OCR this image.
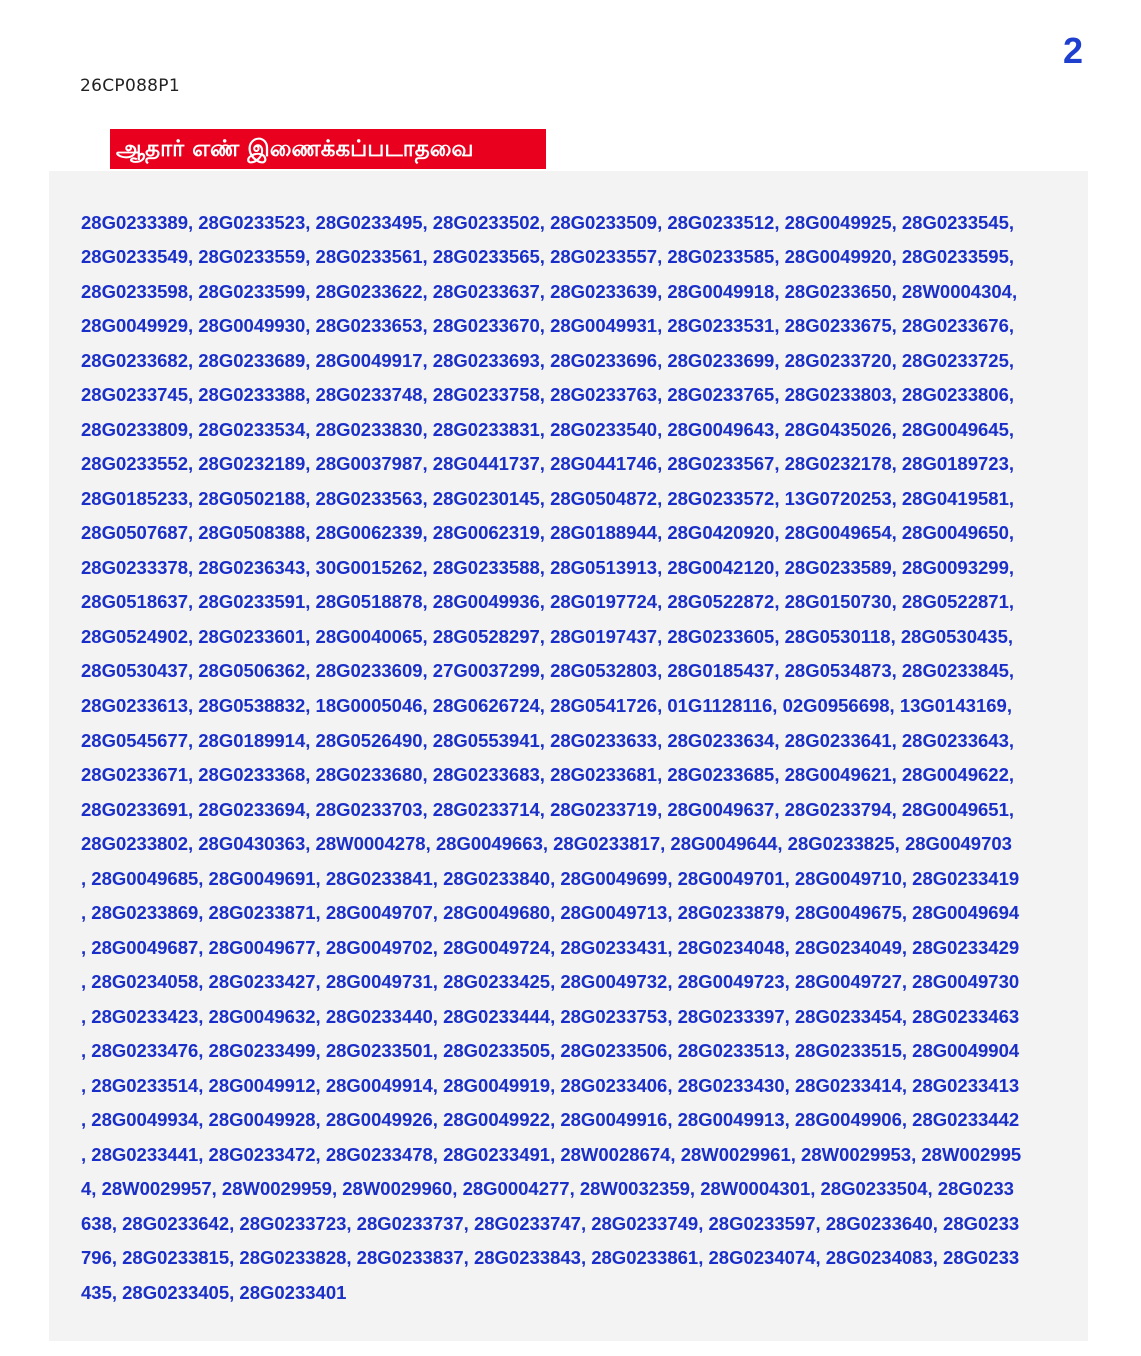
2
26CP088P1
ஆதார் எண் இணைக்கப்படாதவை
28G0233389, 28G0233523, 28G0233495, 28G0233502, 28G0233509, 28G0233512, 28G0049925, 28G0233545,
28G0233549, 28G0233559, 28G0233561, 28G0233565, 28G0233557, 28G0233585, 28G0049920, 28G0233595,
28G0233598, 28G0233599, 28G0233622, 28G0233637, 28G0233639, 28G0049918, 28G0233650, 28W0004304,
28G0049929, 28G0049930, 28G0233653, 28G0233670, 28G0049931, 28G0233531, 28G0233675, 28G0233676,
28G0233682, 28G0233689, 28G0049917, 28G0233693, 28G0233696, 28G0233699, 28G0233720, 28G0233725,
28G0233745, 28G0233388, 28G0233748, 28G0233758, 28G0233763, 28G0233765, 28G0233803, 28G0233806,
28G0233809, 28G0233534, 28G0233830, 28G0233831, 28G0233540, 28G0049643, 28G0435026, 28G0049645,
28G0233552, 28G0232189, 28G0037987, 28G0441737, 28G0441746, 28G0233567, 28G0232178, 28G0189723,
28G0185233, 28G0502188, 28G0233563, 28G0230145, 28G0504872, 28G0233572, 13G0720253, 28G0419581,
28G0507687, 28G0508388, 28G0062339, 28G0062319, 28G0188944, 28G0420920, 28G0049654, 28G0049650,
28G0233378, 28G0236343, 30G0015262, 28G0233588, 28G0513913, 28G0042120, 28G0233589, 28G0093299,
28G0518637, 28G0233591, 28G0518878, 28G0049936, 28G0197724, 28G0522872, 28G0150730, 28G0522871,
28G0524902, 28G0233601, 28G0040065, 28G0528297, 28G0197437, 28G0233605, 28G0530118, 28G0530435,
28G0530437, 28G0506362, 28G0233609, 27G0037299, 28G0532803, 28G0185437, 28G0534873, 28G0233845,
28G0233613, 28G0538832, 18G0005046, 28G0626724, 28G0541726, 01G1128116, 02G0956698, 13G0143169,
28G0545677, 28G0189914, 28G0526490, 28G0553941, 28G0233633, 28G0233634, 28G0233641, 28G0233643,
28G0233671, 28G0233368, 28G0233680, 28G0233683, 28G0233681, 28G0233685, 28G0049621, 28G0049622,
28G0233691, 28G0233694, 28G0233703, 28G0233714, 28G0233719, 28G0049637, 28G0233794, 28G0049651,
28G0233802, 28G0430363, 28W0004278, 28G0049663, 28G0233817, 28G0049644, 28G0233825, 28G0049703
, 28G0049685, 28G0049691, 28G0233841, 28G0233840, 28G0049699, 28G0049701, 28G0049710, 28G0233419
, 28G0233869, 28G0233871, 28G0049707, 28G0049680, 28G0049713, 28G0233879, 28G0049675, 28G0049694
, 28G0049687, 28G0049677, 28G0049702, 28G0049724, 28G0233431, 28G0234048, 28G0234049, 28G0233429
, 28G0234058, 28G0233427, 28G0049731, 28G0233425, 28G0049732, 28G0049723, 28G0049727, 28G0049730
, 28G0233423, 28G0049632, 28G0233440, 28G0233444, 28G0233753, 28G0233397, 28G0233454, 28G0233463
, 28G0233476, 28G0233499, 28G0233501, 28G0233505, 28G0233506, 28G0233513, 28G0233515, 28G0049904
, 28G0233514, 28G0049912, 28G0049914, 28G0049919, 28G0233406, 28G0233430, 28G0233414, 28G0233413
, 28G0049934, 28G0049928, 28G0049926, 28G0049922, 28G0049916, 28G0049913, 28G0049906, 28G0233442
, 28G0233441, 28G0233472, 28G0233478, 28G0233491, 28W0028674, 28W0029961, 28W0029953, 28W002995
4, 28W0029957, 28W0029959, 28W0029960, 28G0004277, 28W0032359, 28W0004301, 28G0233504, 28G0233
638, 28G0233642, 28G0233723, 28G0233737, 28G0233747, 28G0233749, 28G0233597, 28G0233640, 28G0233
796, 28G0233815, 28G0233828, 28G0233837, 28G0233843, 28G0233861, 28G0234074, 28G0234083, 28G0233
435, 28G0233405, 28G0233401
